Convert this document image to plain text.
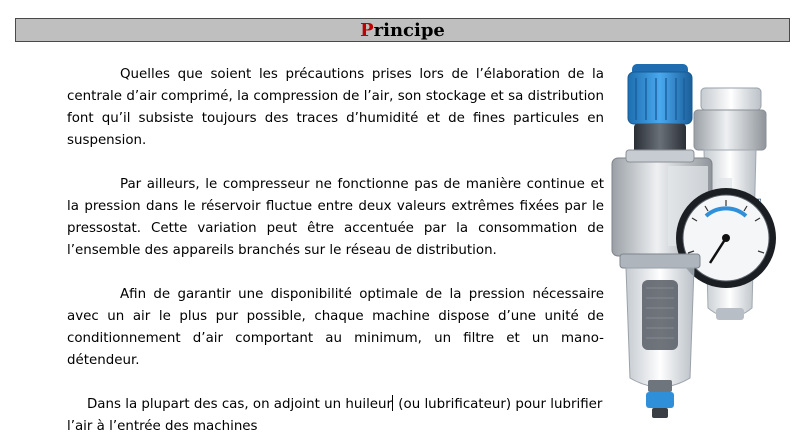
P rincipe

Quelles que soient les précautions prises lors de l’élaboration de la centrale d’air comprimé, la compression de l’air, son stockage et sa distribution font qu’il subsiste toujours des traces d’humidité et de fines particules en suspension.

Par ailleurs, le compresseur ne fonctionne pas de manière continue et la pression dans le réservoir fluctue entre deux valeurs extrêmes fixées par le pressostat. Cette variation peut être accentuée par la consommation de l’ensemble des appareils branchés sur le réseau de distribution.

Afin de garantir une disponibilité optimale de la pression nécessaire avec un air le plus pur possible, chaque machine dispose d’une unité de conditionnement d’air comportant au minimum, un filtre et un mano-détendeur.

Dans la plupart des cas, on adjoint un huileur (ou lubrificateur) pour lubrifier l’air à l’entrée des machines
